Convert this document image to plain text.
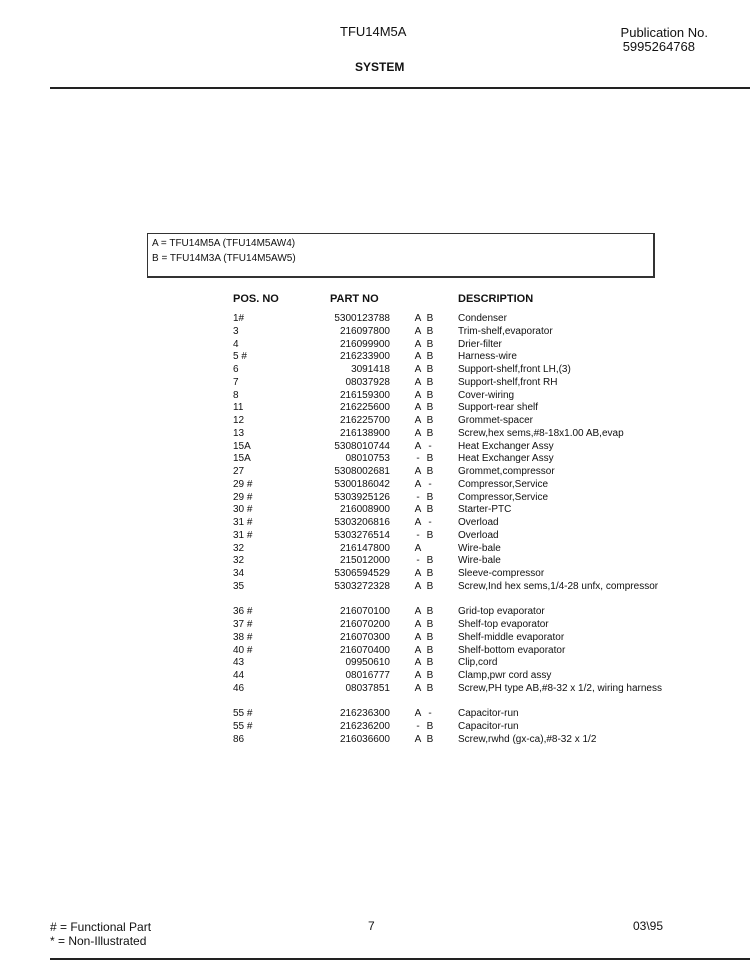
TFU14M5A	Publication No.
5995264768
SYSTEM
A = TFU14M5A (TFU14M5AW4)
B = TFU14M3A (TFU14M5AW5)
POS. NO	PART NO	DESCRIPTION
1#	5300123788 A B Condenser
3	216097800 A B Trim-shelf,evaporator
4	216099900 A B Drier-filter
5 #	216233900 A B Harness-wire
6	3091418 A B Support-shelf,front LH,(3)
7	08037928 A B Support-shelf,front RH
8	216159300 A B Cover-wiring
11	216225600 A B Support-rear shelf
12	216225700 A B Grommet-spacer
13	216138900 A B Screw,hex sems,#8-18x1.00 AB,evap
15A	5308010744 A -	Heat Exchanger Assy
15A	08010753	- B Heat Exchanger Assy
27	5308002681 A B Grommet,compressor
29 #	5300186042 A -	Compressor,Service
29 #	5303925126	- B Compressor,Service
30 #	216008900 A B Starter-PTC
31 #	5303206816 A -	Overload
31 #	5303276514	- B Overload
32	216147800 A	Wire-bale
32	215012000	- B Wire-bale
34	5306594529 A B Sleeve-compressor
35	5303272328 A B Screw,Ind hex sems,1/4-28 unfx, compressor
36 #	216070100 A B Grid-top evaporator
37 #	216070200 A B Shelf-top evaporator
38 #	216070300 A B Shelf-middle evaporator
40 #	216070400 A B Shelf-bottom evaporator
43	09950610 A B Clip,cord
44	08016777 A B Clamp,pwr cord assy
46	08037851 A B Screw,PH type AB,#8-32 x 1/2, wiring harness
55 #	216236300 A -	Capacitor-run
55 #	216236200	- B Capacitor-run
86	216036600 A B Screw,rwhd (gx-ca),#8-32 x 1/2
# = Functional Part
* = Non-Illustrated
7	03\95
